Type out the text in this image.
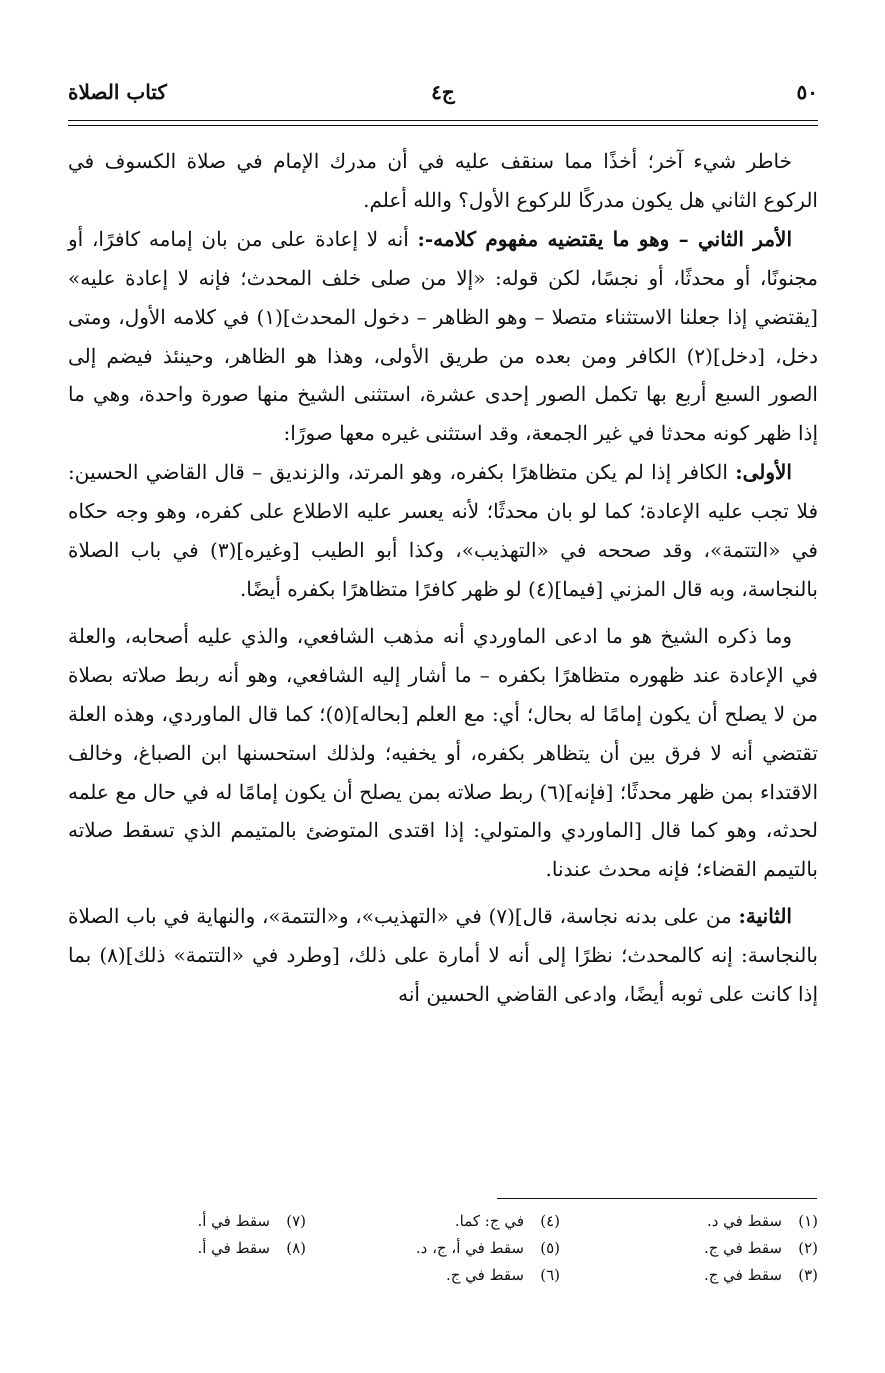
٥٠
ج٤
كتاب الصلاة

خاطر شيء آخر؛ أخذًا مما سنقف عليه في أن مدرك الإمام في صلاة الكسوف في الركوع الثاني هل يكون مدركًا للركوع الأول؟ والله أعلم.

الأمر الثاني – وهو ما يقتضيه مفهوم كلامه-: أنه لا إعادة على من بان إمامه كافرًا، أو مجنونًا، أو محدثًا، أو نجسًا، لكن قوله: «إلا من صلى خلف المحدث؛ فإنه لا إعادة عليه» [يقتضي إذا جعلنا الاستثناء متصلا – وهو الظاهر – دخول المحدث](١) في كلامه الأول، ومتى دخل، [دخل](٢) الكافر ومن بعده من طريق الأولى، وهذا هو الظاهر، وحينئذ فيضم إلى الصور السبع أربع بها تكمل الصور إحدى عشرة، استثنى الشيخ منها صورة واحدة، وهي ما إذا ظهر كونه محدثا في غير الجمعة، وقد استثنى غيره معها صورًا:

الأولى: الكافر إذا لم يكن متظاهرًا بكفره، وهو المرتد، والزنديق – قال القاضي الحسين: فلا تجب عليه الإعادة؛ كما لو بان محدثًا؛ لأنه يعسر عليه الاطلاع على كفره، وهو وجه حكاه في «التتمة»، وقد صححه في «التهذيب»، وكذا أبو الطيب [وغيره](٣) في باب الصلاة بالنجاسة، وبه قال المزني [فيما](٤) لو ظهر كافرًا متظاهرًا بكفره أيضًا.

وما ذكره الشيخ هو ما ادعى الماوردي أنه مذهب الشافعي، والذي عليه أصحابه، والعلة في الإعادة عند ظهوره متظاهرًا بكفره – ما أشار إليه الشافعي، وهو أنه ربط صلاته بصلاة من لا يصلح أن يكون إمامًا له بحال؛ أي: مع العلم [بحاله](٥)؛ كما قال الماوردي، وهذه العلة تقتضي أنه لا فرق بين أن يتظاهر بكفره، أو يخفيه؛ ولذلك استحسنها ابن الصباغ، وخالف الاقتداء بمن ظهر محدثًا؛ [فإنه](٦) ربط صلاته بمن يصلح أن يكون إمامًا له في حال مع علمه لحدثه، وهو كما قال [الماوردي والمتولي: إذا اقتدى المتوضئ بالمتيمم الذي تسقط صلاته بالتيمم القضاء؛ فإنه محدث عندنا.

الثانية: من على بدنه نجاسة، قال](٧) في «التهذيب»، و«التتمة»، والنهاية في باب الصلاة بالنجاسة: إنه كالمحدث؛ نظرًا إلى أنه لا أمارة على ذلك، [وطرد في «التتمة» ذلك](٨) بما إذا كانت على ثوبه أيضًا، وادعى القاضي الحسين أنه

(١)سقط في د.
(٢)سقط في ج.
(٣)سقط في ج.
(٤)في ج: كما.
(٥)سقط في أ، ج، د.
(٦)سقط في ج.
(٧)سقط في أ.
(٨)سقط في أ.
